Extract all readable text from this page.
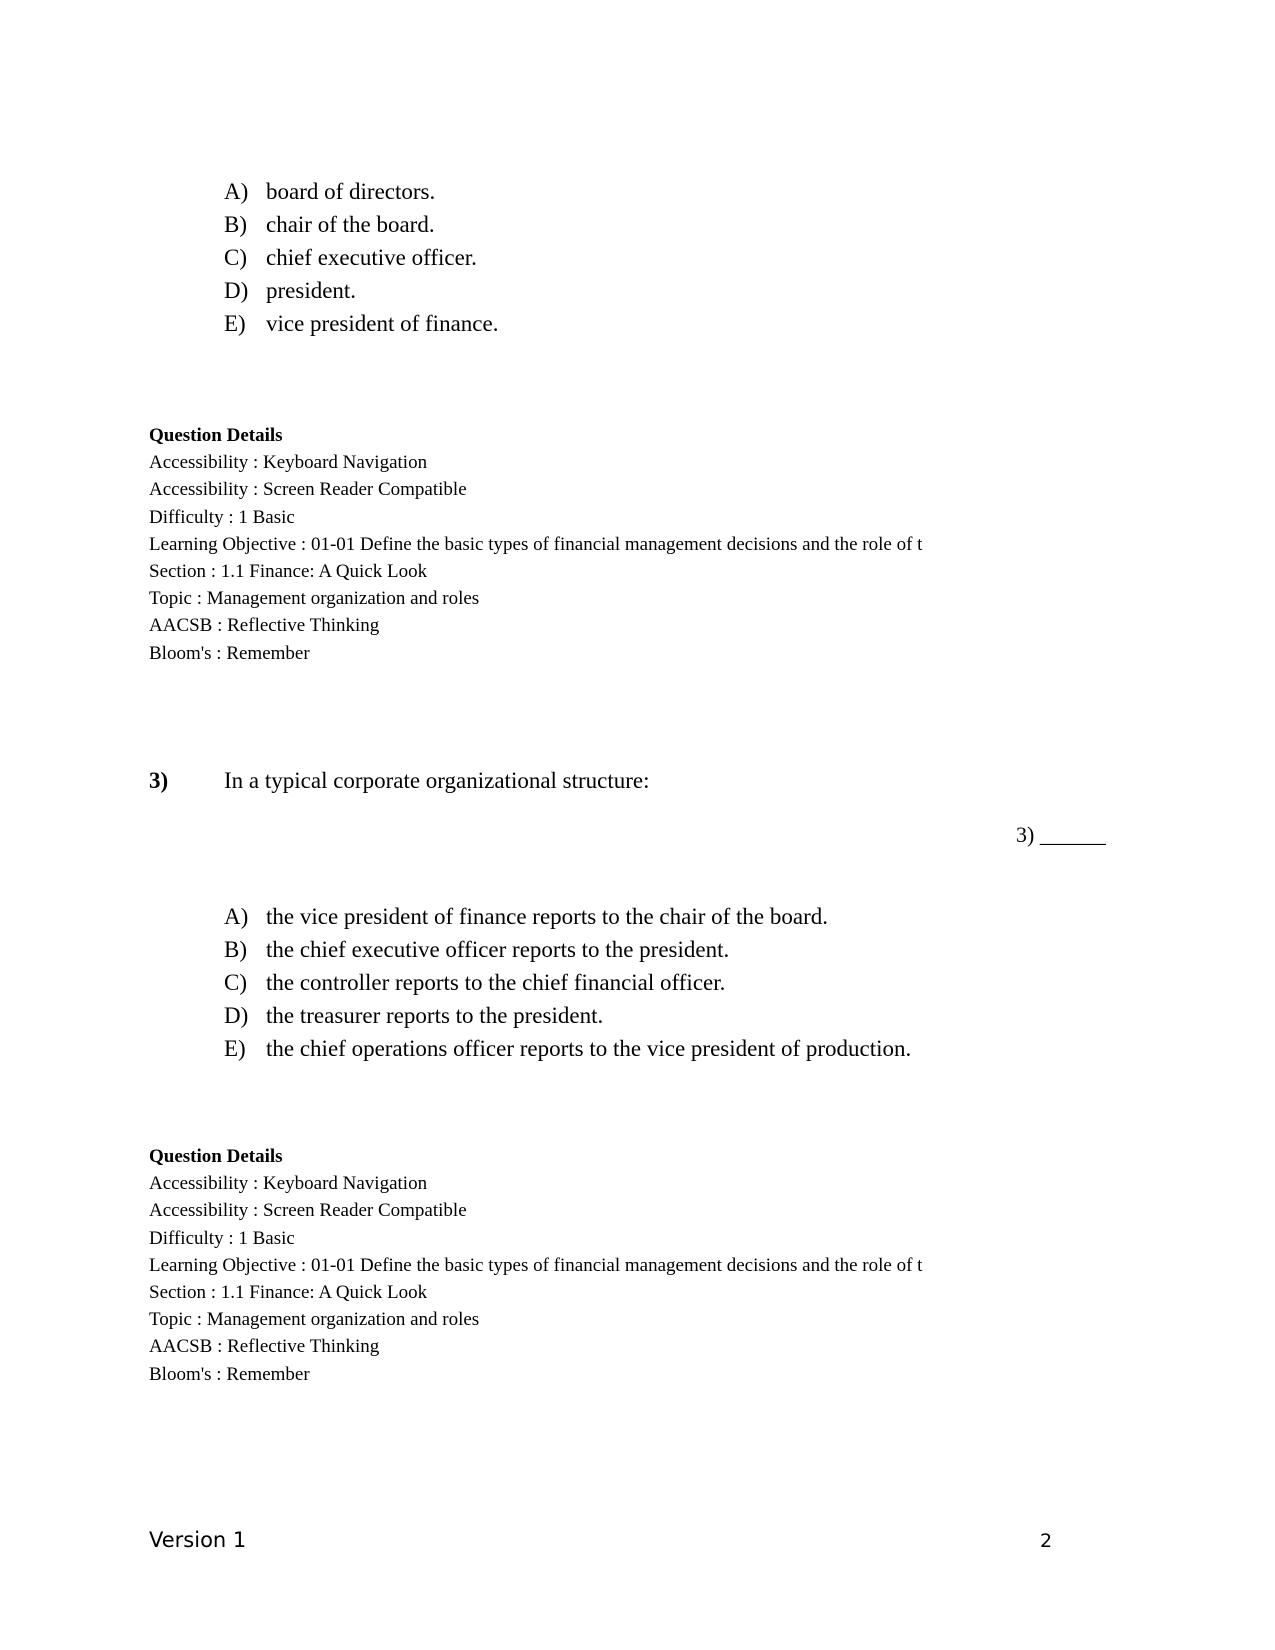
A) board of directors.
B) chair of the board.
C) chief executive officer.
D) president.
E) vice president of finance.
Question Details
Accessibility : Keyboard Navigation
Accessibility : Screen Reader Compatible
Difficulty : 1 Basic
Learning Objective : 01-01 Define the basic types of financial management decisions and the role of t
Section : 1.1 Finance: A Quick Look
Topic : Management organization and roles
AACSB : Reflective Thinking
Bloom's : Remember
3) In a typical corporate organizational structure:
3) ______
A) the vice president of finance reports to the chair of the board.
B) the chief executive officer reports to the president.
C) the controller reports to the chief financial officer.
D) the treasurer reports to the president.
E) the chief operations officer reports to the vice president of production.
Question Details
Accessibility : Keyboard Navigation
Accessibility : Screen Reader Compatible
Difficulty : 1 Basic
Learning Objective : 01-01 Define the basic types of financial management decisions and the role of t
Section : 1.1 Finance: A Quick Look
Topic : Management organization and roles
AACSB : Reflective Thinking
Bloom's : Remember
Version 1	2
